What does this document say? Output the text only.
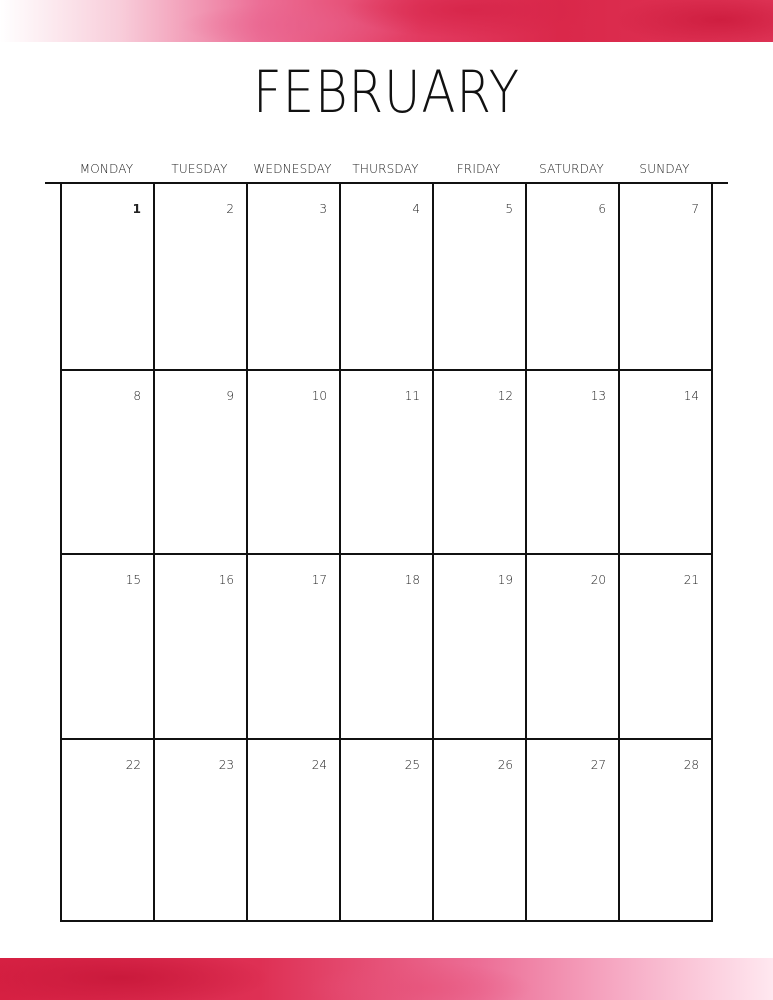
FEBRUARY
MONDAY	TUESDAY	WEDNESDAY	THURSDAY	FRIDAY	SATURDAY	SUNDAY
1	2	3	4	5	6	7
8	9	10	11	12	13	14
15	16	17	18	19	20	21
22	23	24	25	26	27	28
